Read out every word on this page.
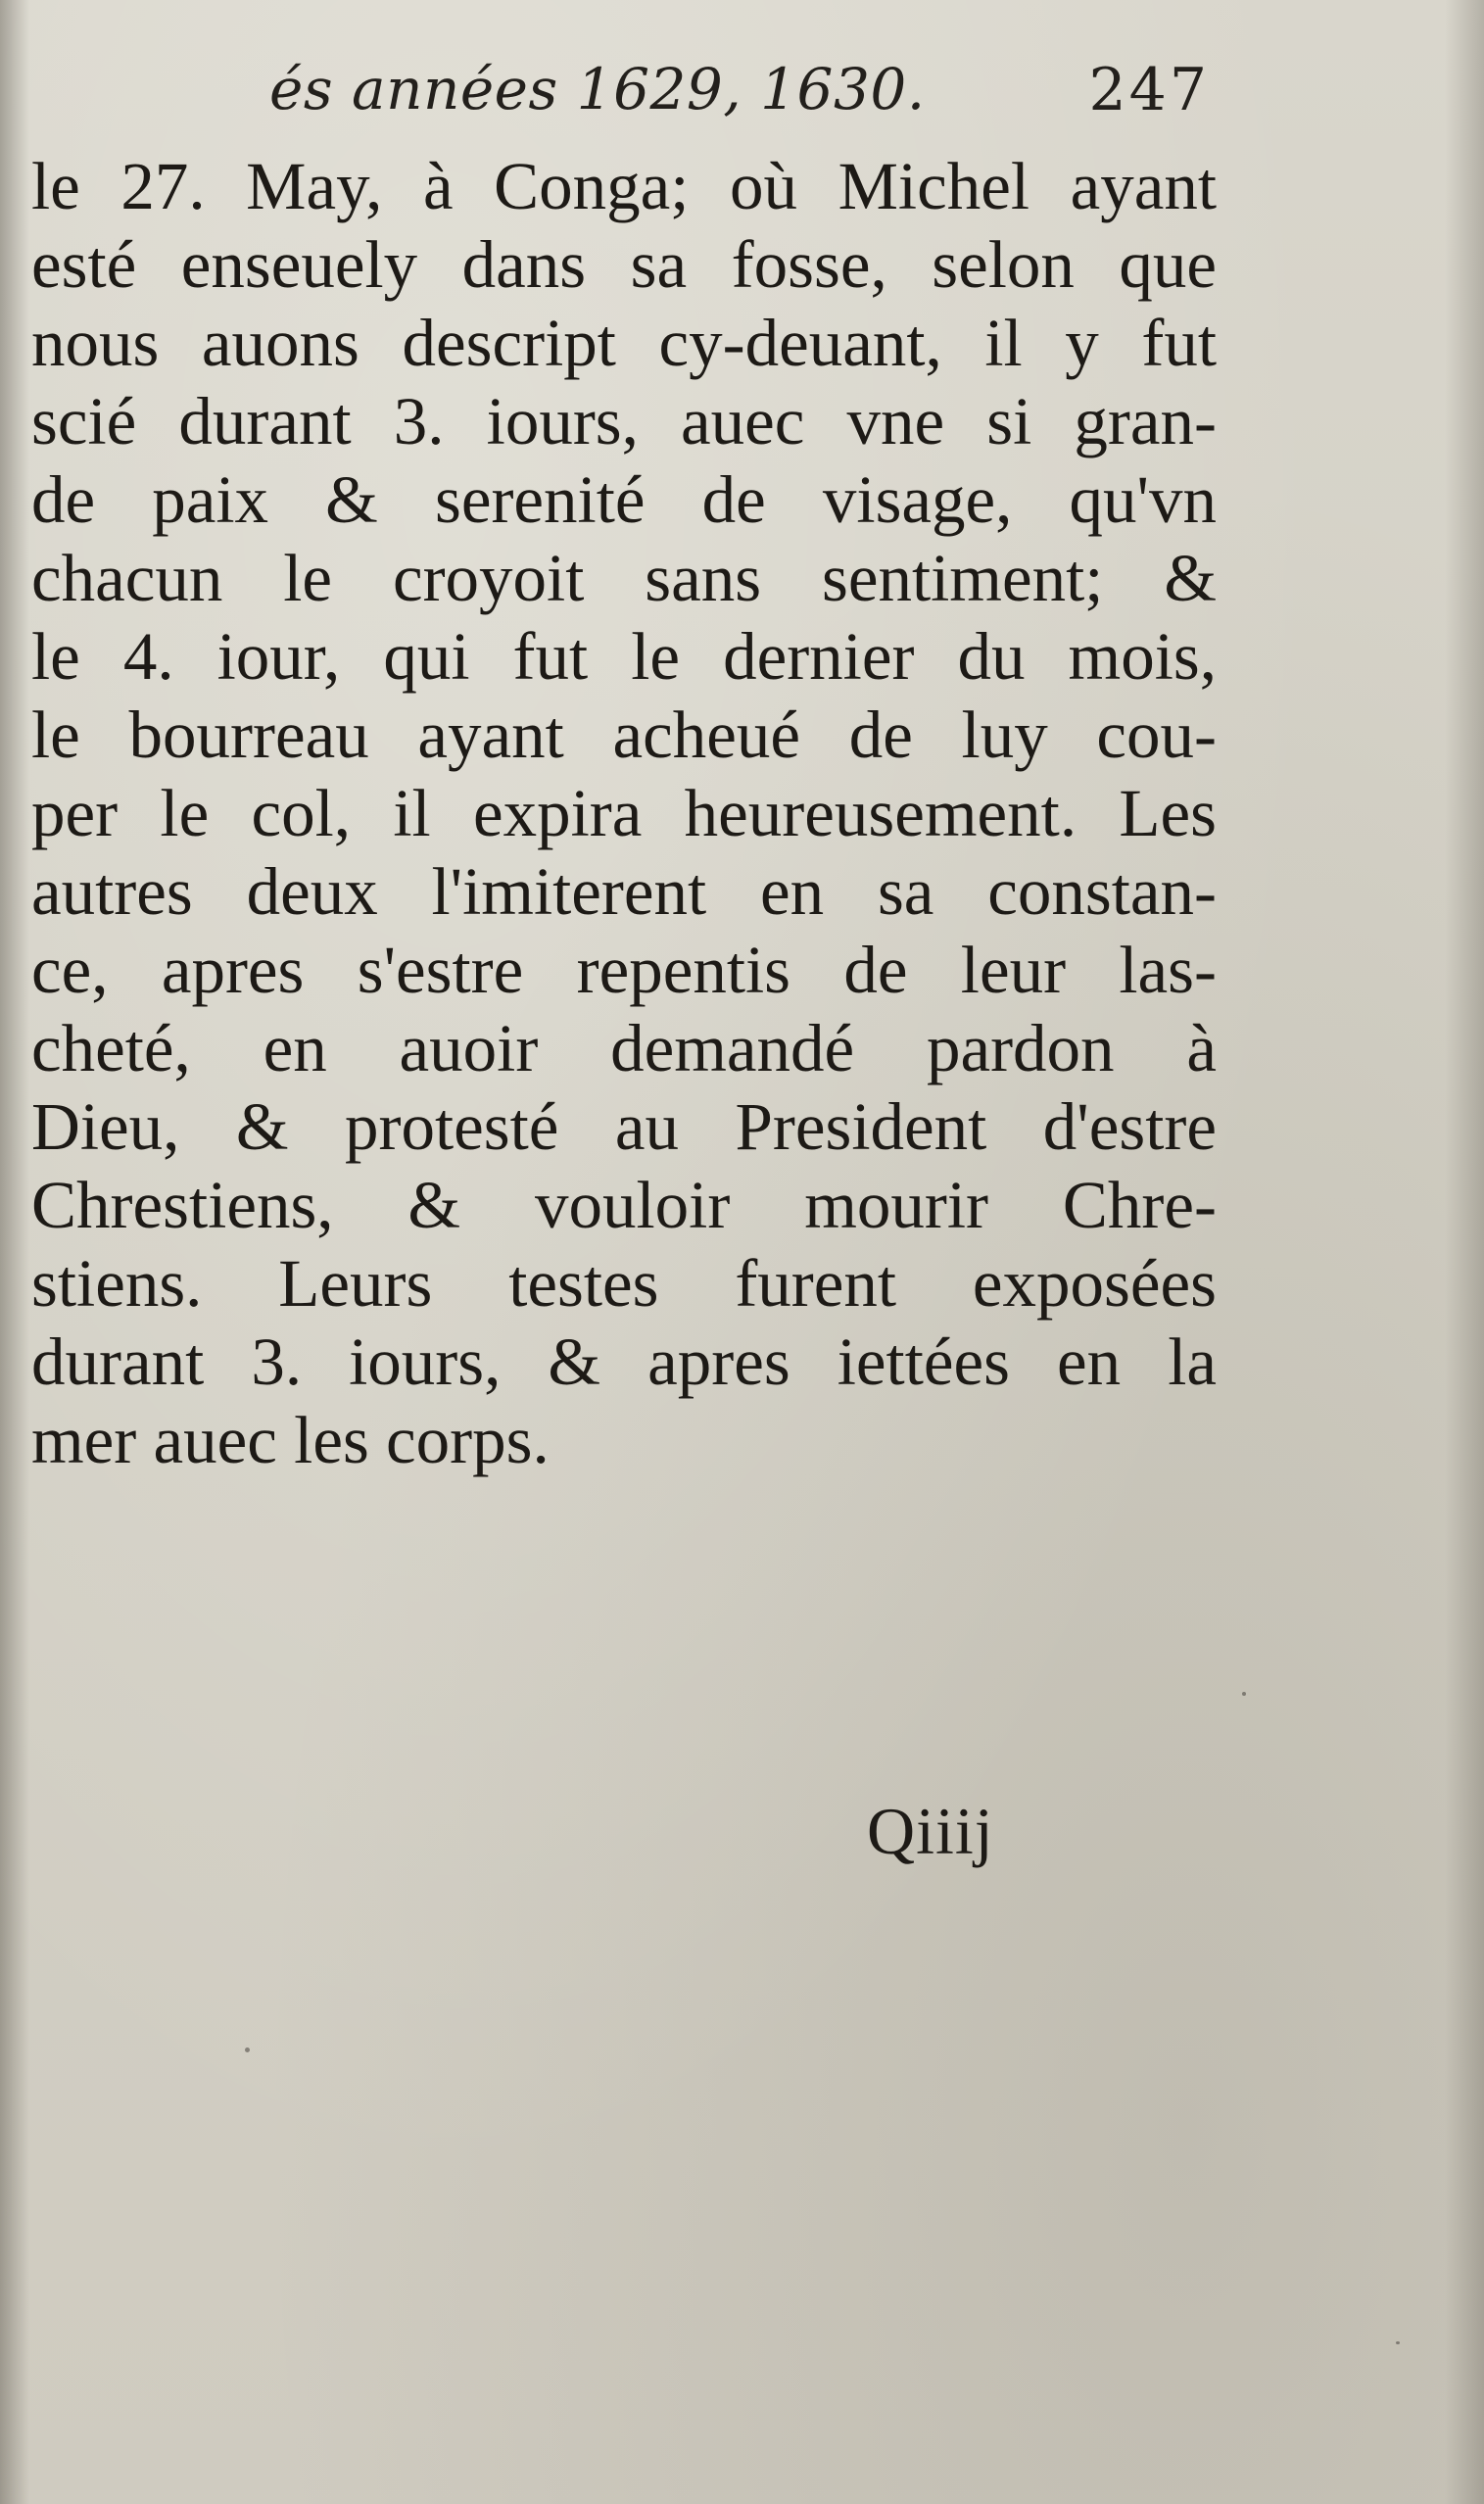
és années 1629, 1630.	247
le 27. May, à Conga; où Michel ayant
esté enseuely dans sa fosse, selon que
nous auons descript cy-deuant, il y fut
scié durant 3. iours, auec vne si gran-
de paix & serenité de visage, qu'vn
chacun le croyoit sans sentiment; &
le 4. iour, qui fut le dernier du mois,
le bourreau ayant acheué de luy cou-
per le col, il expira heureusement. Les
autres deux l'imiterent en sa constan-
ce, apres s'estre repentis de leur las-
cheté, en auoir demandé pardon à
Dieu, & protesté au President d'estre
Chrestiens, & vouloir mourir Chre-
stiens. Leurs testes furent exposées
durant 3. iours, & apres iettées en la
mer auec les corps.
Qiiij
